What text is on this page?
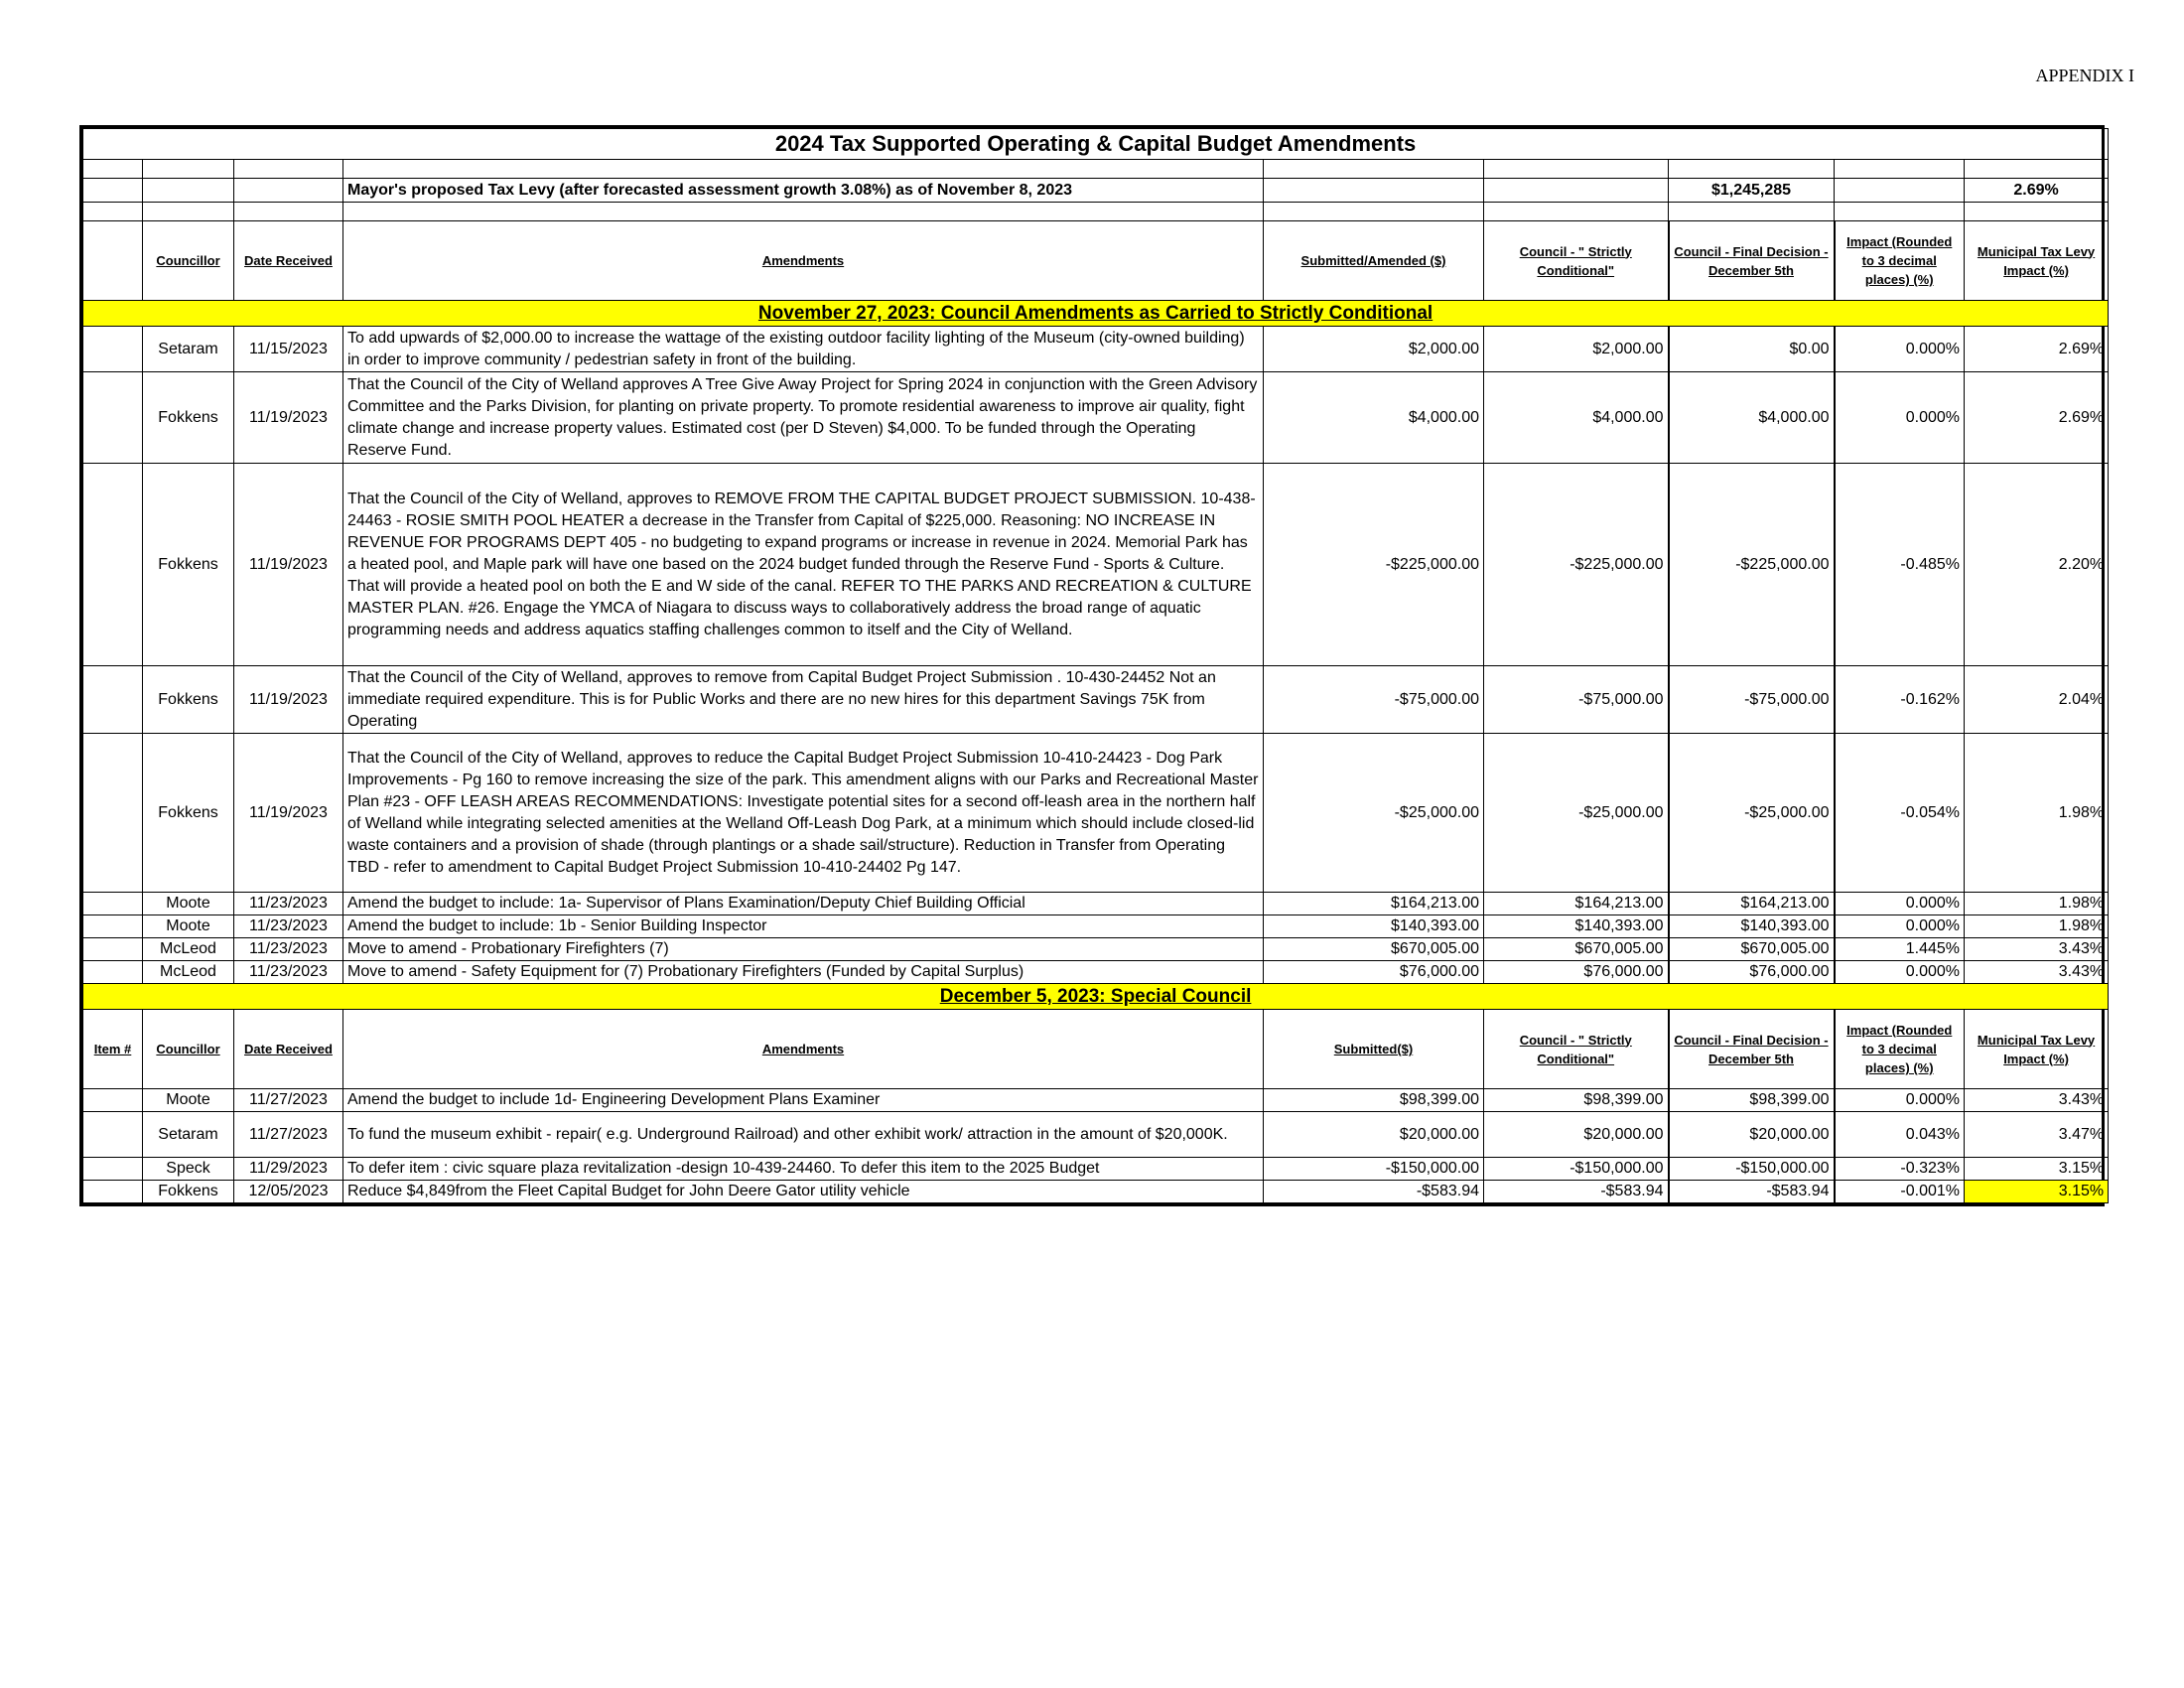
APPENDIX I
2024 Tax Supported Operating & Capital Budget Amendments								

			Mayor's proposed Tax Levy (after forecasted assessment growth 3.08%) as of November 8, 2023			$1,245,285		2.69%

	Councillor	Date Received	Amendments	Submitted/Amended ($)	Council - " Strictly Conditional"	Council - Final Decision - December 5th	Impact (Rounded to 3 decimal places) (%)	Municipal Tax Levy Impact (%)
November 27, 2023: Council Amendments as Carried to Strictly Conditional								
	Setaram	11/15/2023	To add upwards of $2,000.00 to increase the wattage of the existing outdoor facility lighting of the Museum (city-owned building) in order to improve community / pedestrian safety in front of the building.	$2,000.00	$2,000.00	$0.00	0.000%	2.69%
	Fokkens	11/19/2023	That the Council of the City of Welland approves A Tree Give Away Project for Spring 2024 in conjunction with the Green Advisory Committee and the Parks Division, for planting on private property. To promote residential awareness to improve air quality, fight climate change and increase property values. Estimated cost (per D Steven) $4,000. To be funded through the Operating Reserve Fund.	$4,000.00	$4,000.00	$4,000.00	0.000%	2.69%
	Fokkens	11/19/2023	That the Council of the City of Welland, approves to REMOVE FROM THE CAPITAL BUDGET PROJECT SUBMISSION. 10-438-24463 - ROSIE SMITH POOL HEATER a decrease in the Transfer from Capital of $225,000. Reasoning: NO INCREASE IN REVENUE FOR PROGRAMS DEPT 405 - no budgeting to expand programs or increase in revenue in 2024. Memorial Park has a heated pool, and Maple park will have one based on the 2024 budget funded through the Reserve Fund - Sports & Culture. That will provide a heated pool on both the E and W side of the canal. REFER TO THE PARKS AND RECREATION & CULTURE MASTER PLAN. #26. Engage the YMCA of Niagara to discuss ways to collaboratively address the broad range of aquatic programming needs and address aquatics staffing challenges common to itself and the City of Welland.	-$225,000.00	-$225,000.00	-$225,000.00	-0.485%	2.20%
	Fokkens	11/19/2023	That the Council of the City of Welland, approves to remove from Capital Budget Project Submission . 10-430-24452 Not an immediate required expenditure. This is for Public Works and there are no new hires for this department Savings 75K from Operating	-$75,000.00	-$75,000.00	-$75,000.00	-0.162%	2.04%
	Fokkens	11/19/2023	That the Council of the City of Welland, approves to reduce the Capital Budget Project Submission 10-410-24423 - Dog Park Improvements - Pg 160 to remove increasing the size of the park. This amendment aligns with our Parks and Recreational Master Plan #23 - OFF LEASH AREAS RECOMMENDATIONS: Investigate potential sites for a second off-leash area in the northern half of Welland while integrating selected amenities at the Welland Off-Leash Dog Park, at a minimum which should include closed-lid waste containers and a provision of shade (through plantings or a shade sail/structure). Reduction in Transfer from Operating TBD - refer to amendment to Capital Budget Project Submission 10-410-24402 Pg 147.	-$25,000.00	-$25,000.00	-$25,000.00	-0.054%	1.98%
	Moote	11/23/2023	Amend the budget to include: 1a- Supervisor of Plans Examination/Deputy Chief Building Official	$164,213.00	$164,213.00	$164,213.00	0.000%	1.98%
	Moote	11/23/2023	Amend the budget to include: 1b - Senior Building Inspector	$140,393.00	$140,393.00	$140,393.00	0.000%	1.98%
	McLeod	11/23/2023	Move to amend - Probationary Firefighters (7)	$670,005.00	$670,005.00	$670,005.00	1.445%	3.43%
	McLeod	11/23/2023	Move to amend - Safety Equipment for (7) Probationary Firefighters (Funded by Capital Surplus)	$76,000.00	$76,000.00	$76,000.00	0.000%	3.43%
December 5, 2023: Special Council								
Item #	Councillor	Date Received	Amendments	Submitted($)	Council - " Strictly Conditional"	Council - Final Decision - December 5th	Impact (Rounded to 3 decimal places) (%)	Municipal Tax Levy Impact (%)
	Moote	11/27/2023	Amend the budget to include 1d- Engineering Development Plans Examiner	$98,399.00	$98,399.00	$98,399.00	0.000%	3.43%
	Setaram	11/27/2023	To fund the museum exhibit - repair( e.g. Underground Railroad) and other exhibit work/ attraction in the amount of $20,000K.	$20,000.00	$20,000.00	$20,000.00	0.043%	3.47%
	Speck	11/29/2023	To defer item : civic square plaza revitalization -design 10-439-24460. To defer this item to the 2025 Budget	-$150,000.00	-$150,000.00	-$150,000.00	-0.323%	3.15%
	Fokkens	12/05/2023	Reduce $4,849from the Fleet Capital Budget for John Deere Gator utility vehicle	-$583.94	-$583.94	-$583.94	-0.001%	3.15%
